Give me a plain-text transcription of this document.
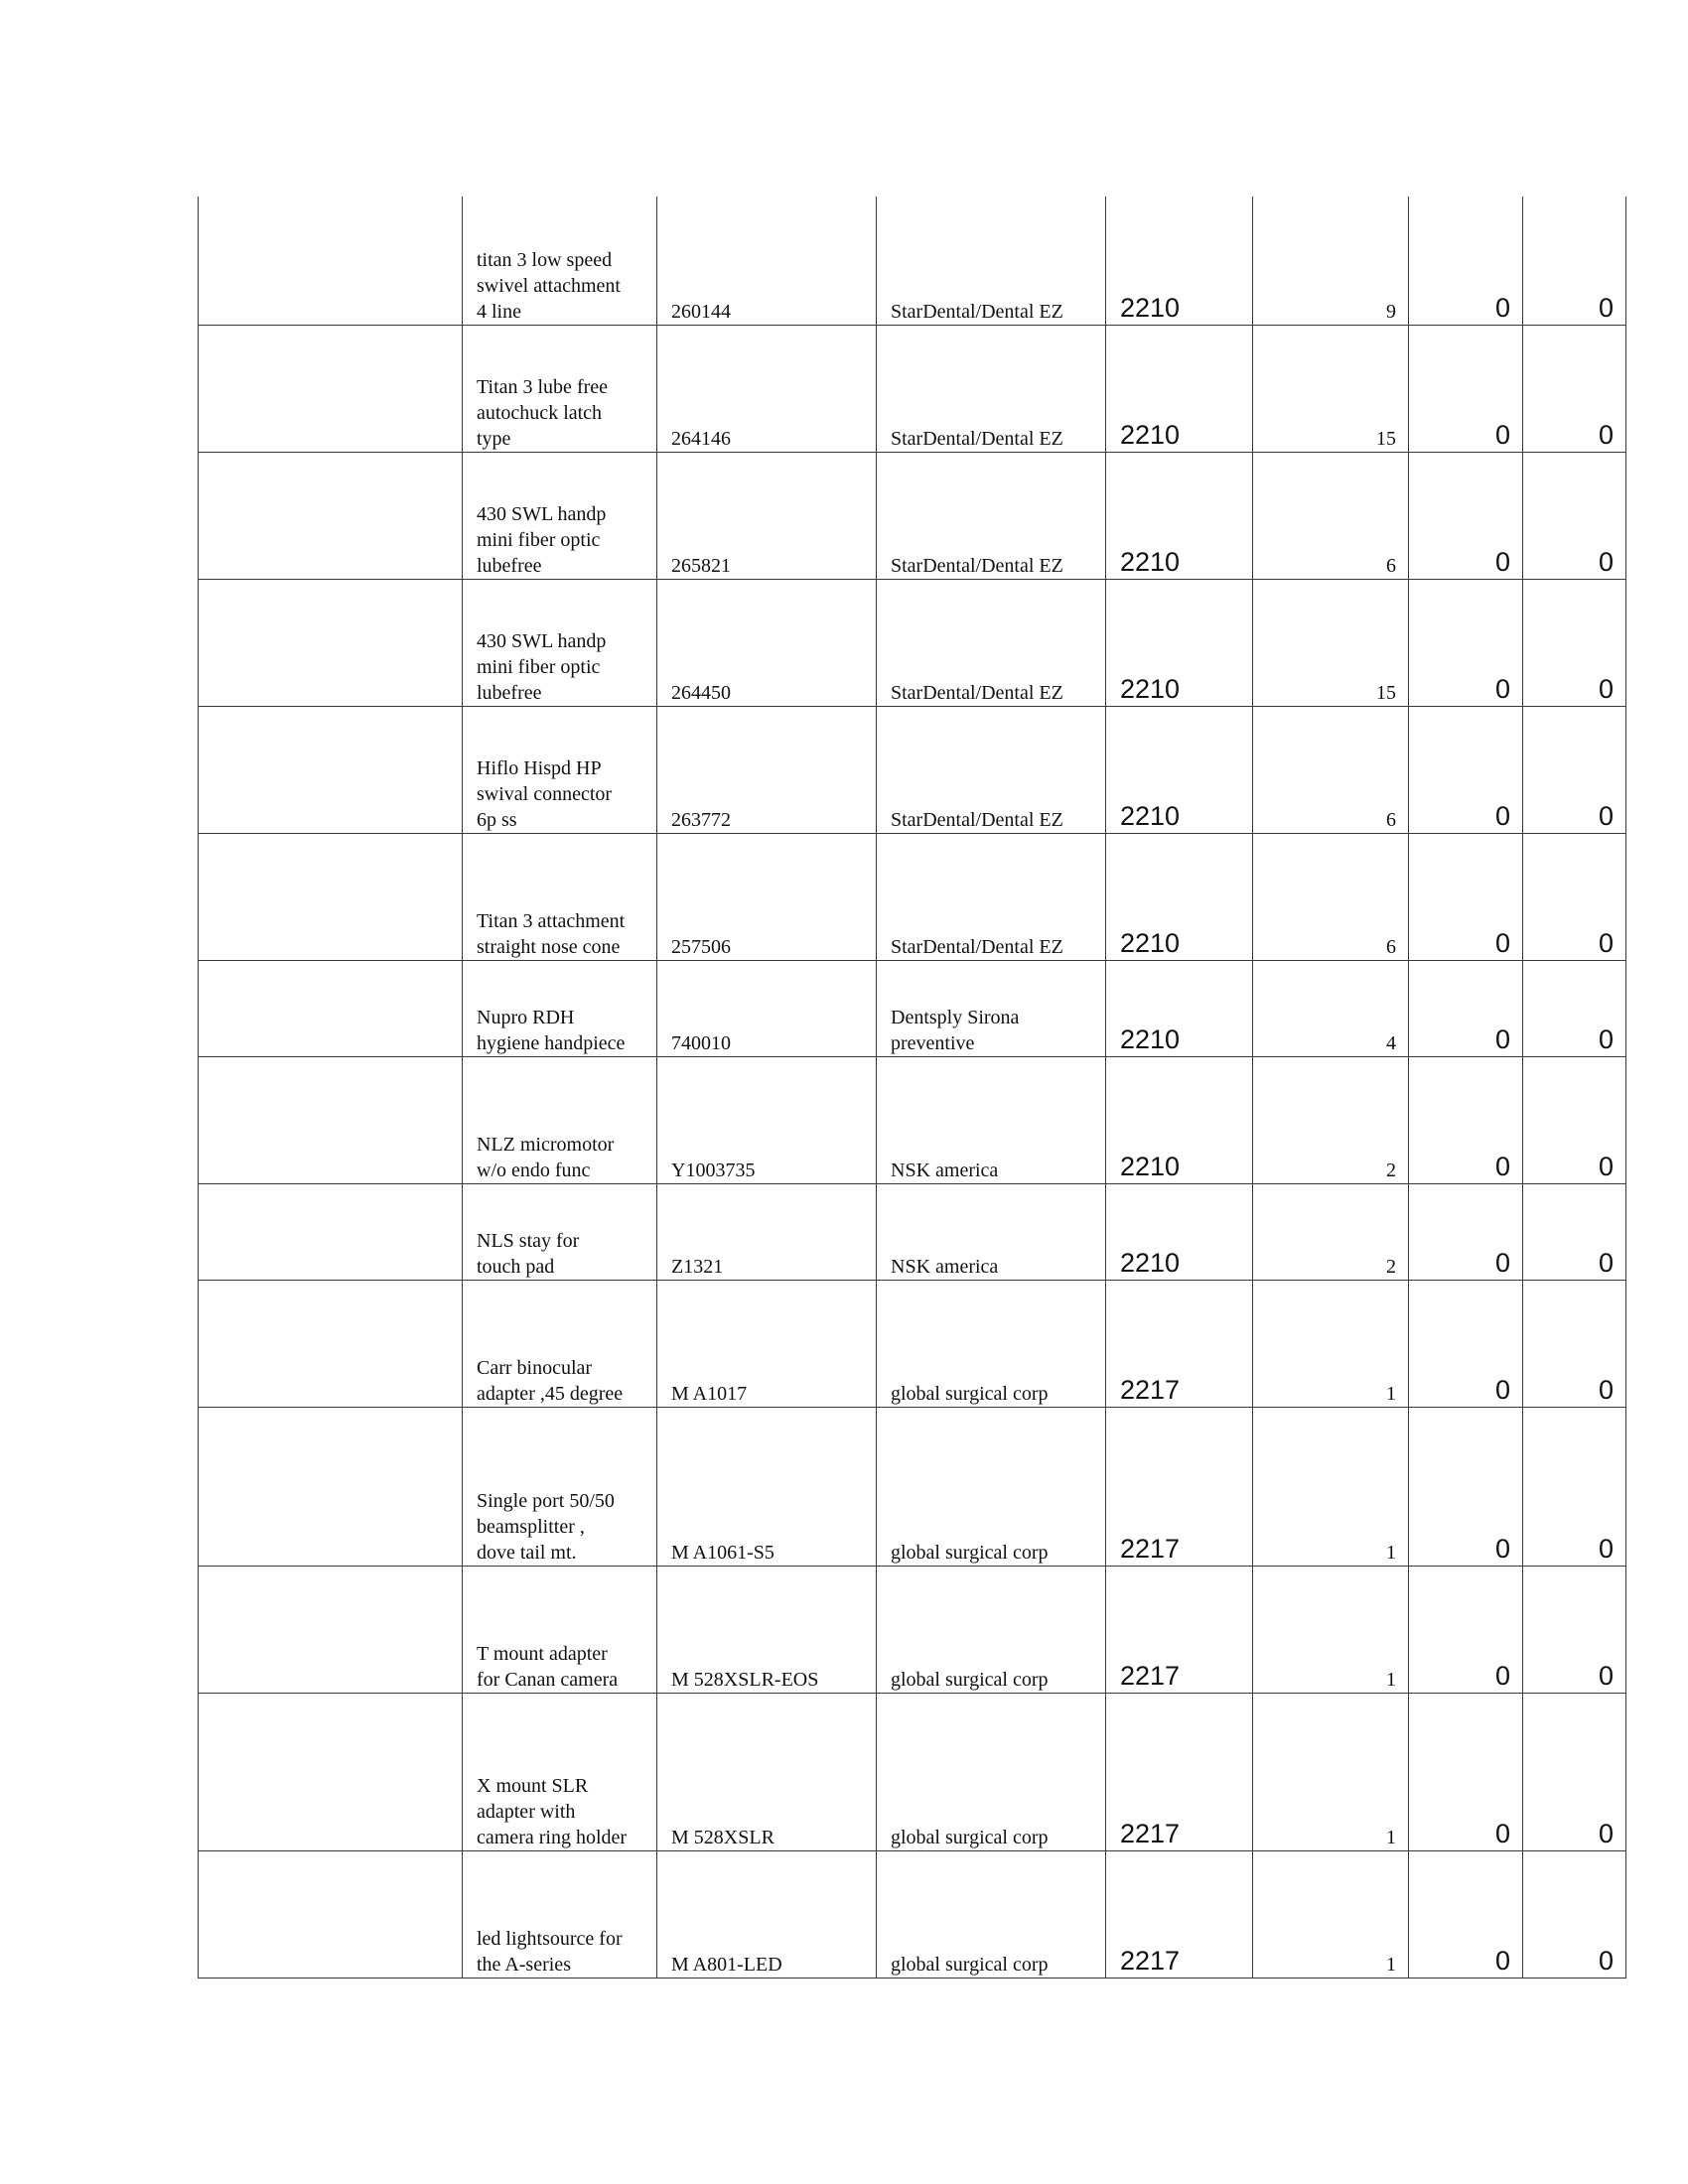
	titan 3 low speed
swivel attachment
4 line	260144	StarDental/Dental EZ	2210	9	0	0
	Titan 3 lube free
autochuck latch
type	264146	StarDental/Dental EZ	2210	15	0	0
	430 SWL handp
mini fiber optic
lubefree	265821	StarDental/Dental EZ	2210	6	0	0
	430 SWL handp
mini fiber optic
lubefree	264450	StarDental/Dental EZ	2210	15	0	0
	Hiflo Hispd HP
swival connector
6p ss	263772	StarDental/Dental EZ	2210	6	0	0
	Titan 3 attachment
straight nose cone	257506	StarDental/Dental EZ	2210	6	0	0
	Nupro RDH
hygiene handpiece	740010	Dentsply Sirona
preventive	2210	4	0	0
	NLZ micromotor
w/o endo func	Y1003735	NSK america	2210	2	0	0
	NLS stay for
touch pad	Z1321	NSK america	2210	2	0	0
	Carr binocular
adapter ,45 degree	M A1017	global surgical corp	2217	1	0	0
	Single port 50/50
beamsplitter ,
dove tail mt.	M A1061-S5	global surgical corp	2217	1	0	0
	T mount adapter
for Canan camera	M 528XSLR-EOS	global surgical corp	2217	1	0	0
	X mount SLR
adapter with
camera ring holder	M 528XSLR	global surgical corp	2217	1	0	0
	led lightsource for
the A-series	M A801-LED	global surgical corp	2217	1	0	0
